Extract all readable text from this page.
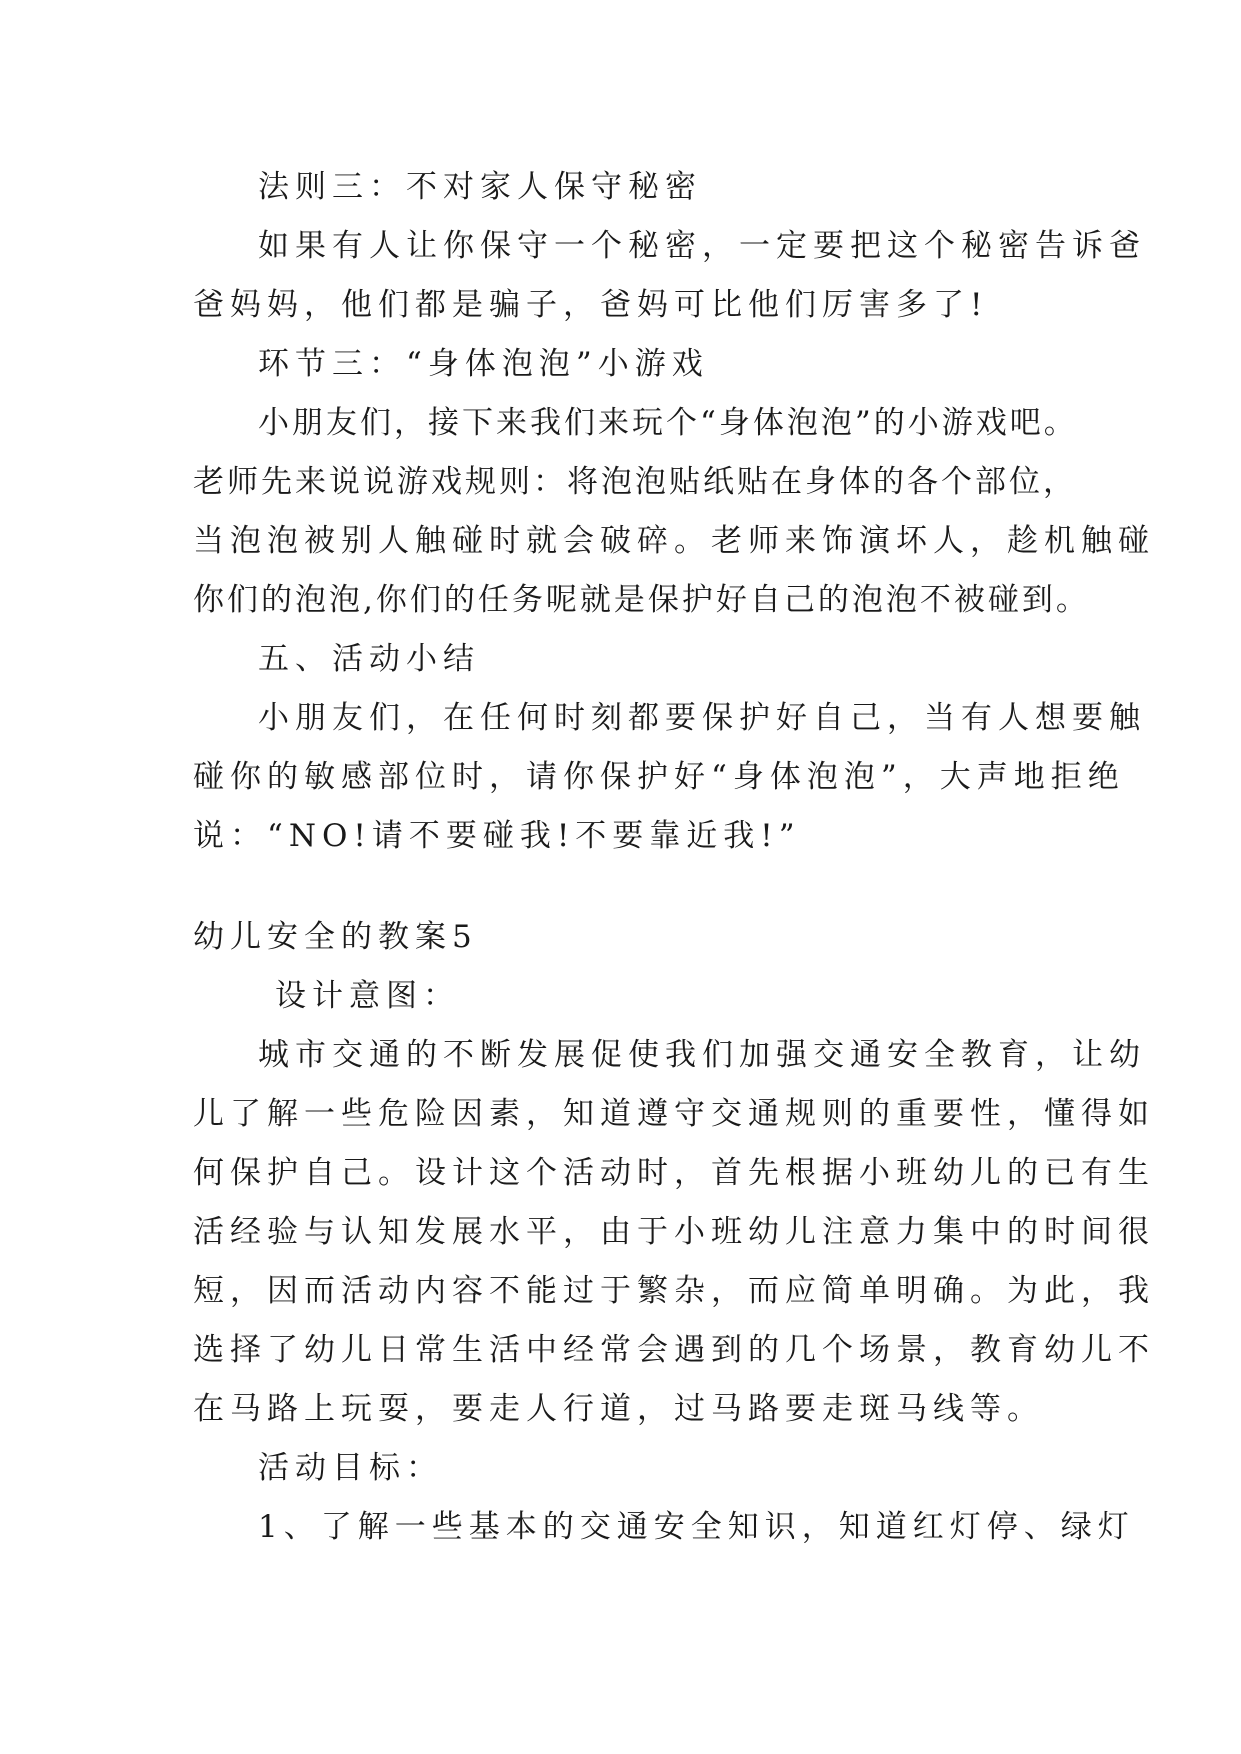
法则三：不对家人保守秘密
如果有人让你保守一个秘密，一定要把这个秘密告诉爸
爸妈妈，他们都是骗子，爸妈可比他们厉害多了!
环节三：“身体泡泡”小游戏
小朋友们，接下来我们来玩个“身体泡泡”的小游戏吧。
老师先来说说游戏规则：将泡泡贴纸贴在身体的各个部位，
当泡泡被别人触碰时就会破碎。老师来饰演坏人，趁机触碰
你们的泡泡,你们的任务呢就是保护好自己的泡泡不被碰到。
五、活动小结
小朋友们，在任何时刻都要保护好自己，当有人想要触
碰你的敏感部位时，请你保护好“身体泡泡”，大声地拒绝
说：“NO!请不要碰我!不要靠近我!”
幼儿安全的教案5
设计意图：
城市交通的不断发展促使我们加强交通安全教育，让幼
儿了解一些危险因素，知道遵守交通规则的重要性，懂得如
何保护自己。设计这个活动时，首先根据小班幼儿的已有生
活经验与认知发展水平，由于小班幼儿注意力集中的时间很
短，因而活动内容不能过于繁杂，而应简单明确。为此，我
选择了幼儿日常生活中经常会遇到的几个场景，教育幼儿不
在马路上玩耍，要走人行道，过马路要走斑马线等。
活动目标：
1、了解一些基本的交通安全知识，知道红灯停、绿灯
